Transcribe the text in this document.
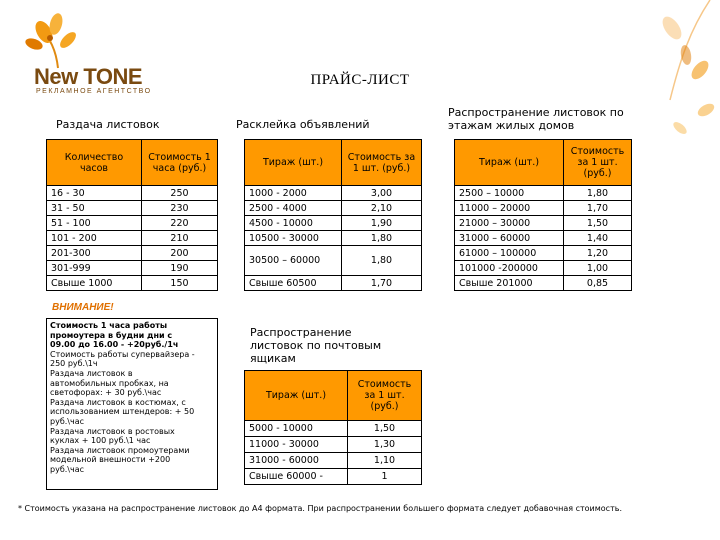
New TONE
РЕКЛАМНОЕ АГЕНТСТВО
ПРАЙС-ЛИСТ
Раздача листовок	Расклейка объявлений
Распространение листовок по этажам жилых домов
Количество часов	Стоимость 1 часа (руб.)
16 - 30	250
31 - 50	230
51 - 100	220
101 - 200	210
201-300	200
301-999	190
Свыше 1000	150
Тираж (шт.)	Стоимость за 1 шт. (руб.)
1000 - 2000	3,00
2500 - 4000	2,10
4500 - 10000	1,90
10500 - 30000	1,80
30500 – 60000	1,80
Свыше 60500	1,70
Тираж (шт.)	Стоимость за 1 шт. (руб.)
2500 – 10000	1,80
11000 – 20000	1,70
21000 – 30000	1,50
31000 – 60000	1,40
61000 – 100000	1,20
101000 -200000	1,00
Свыше 201000	0,85
ВНИМАНИЕ!
Стоимость 1 часа работы
промоутера в будни дни с
09.00 до 16.00 - +20руб./1ч
Стоимость работы супервайзера -
250 руб.\1ч
Раздача листовок в
автомобильных пробках, на
светофорах: + 30 руб.\час
Раздача листовок в костюмах, с
использованием штендеров: + 50
руб.\час
Раздача листовок в ростовых
куклах + 100 руб.\1 час
Раздача листовок промоутерами
модельной внешности +200
руб.\час
Распространение листовок по почтовым ящикам
Тираж (шт.)	Стоимость за 1 шт. (руб.)
5000 - 10000	1,50
11000 - 30000	1,30
31000 - 60000	1,10
Свыше 60000 -	1
* Стоимость указана на распространение листовок до А4 формата. При распространении большего формата следует добавочная стоимость.
